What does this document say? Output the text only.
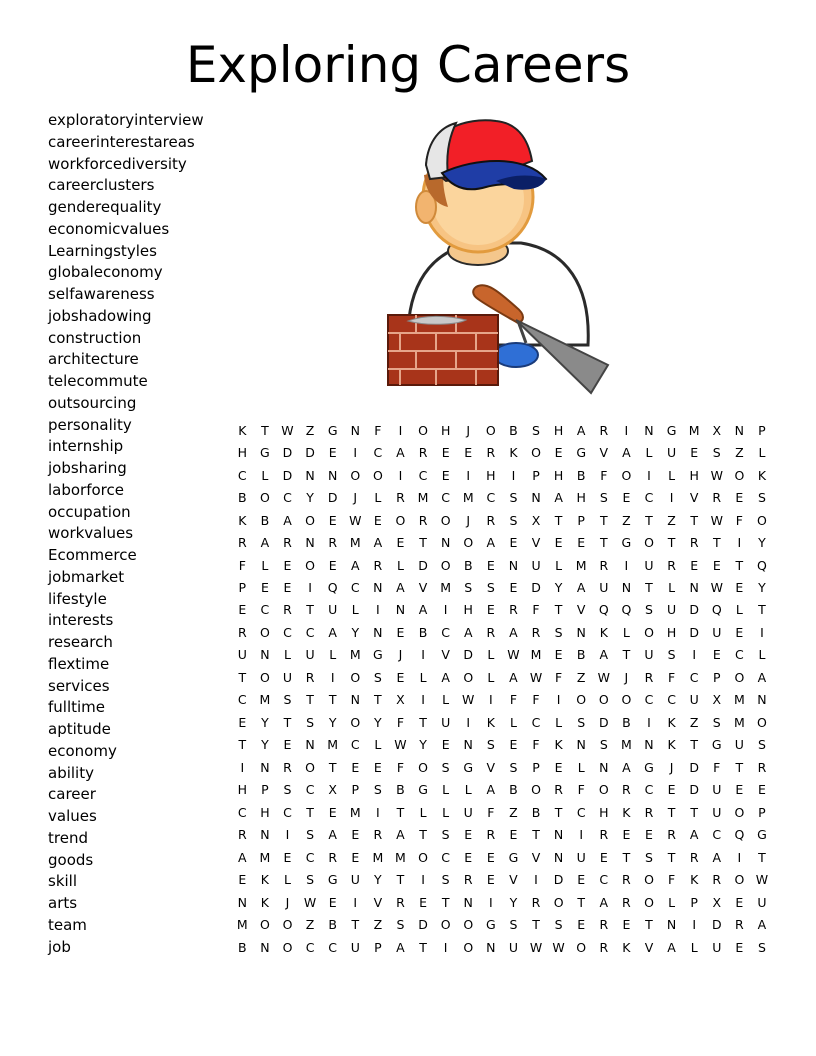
Exploring Careers
exploratoryinterview
careerinterestareas
workforcediversity
careerclusters
genderequality
economicvalues
Learningstyles
globaleconomy
selfawareness
jobshadowing
construction
architecture
telecommute
outsourcing
personality
internship
jobsharing
laborforce
occupation
workvalues
Ecommerce
jobmarket
lifestyle
interests
research
flextime
services
fulltime
aptitude
economy
ability
career
values
trend
goods
skill
arts
team
job
K	T	W	Z	G	N	F	I	O	H	J	O	B	S	H	A	R	I	N	G	M	X	N	P
H	G	D	D	E	I	C	A	R	E	E	R	K	O	E	G	V	A	L	U	E	S	Z	L
C	L	D	N	N	O	O	I	C	E	I	H	I	P	H	B	F	O	I	L	H	W	O	K
B	O	C	Y	D	J	L	R	M	C	M	C	S	N	A	H	S	E	C	I	V	R	E	S
K	B	A	O	E	W	E	O	R	O	J	R	S	X	T	P	T	Z	T	Z	T	W	F	O
R	A	R	N	R	M	A	E	T	N	O	A	E	V	E	E	T	G	O	T	R	T	I	Y
F	L	E	O	E	A	R	L	D	O	B	E	N	U	L	M	R	I	U	R	E	E	T	Q
P	E	E	I	Q	C	N	A	V	M	S	S	E	D	Y	A	U	N	T	L	N	W	E	Y
E	C	R	T	U	L	I	N	A	I	H	E	R	F	T	V	Q	Q	S	U	D	Q	L	T
R	O	C	C	A	Y	N	E	B	C	A	R	A	R	S	N	K	L	O	H	D	U	E	I
U	N	L	U	L	M	G	J	I	V	D	L	W	M	E	B	A	T	U	S	I	E	C	L
T	O	U	R	I	O	S	E	L	A	O	L	A	W	F	Z	W	J	R	F	C	P	O	A
C	M	S	T	T	N	T	X	I	L	W	I	F	F	I	O	O	O	C	C	U	X	M	N
E	Y	T	S	Y	O	Y	F	T	U	I	K	L	C	L	S	D	B	I	K	Z	S	M	O
T	Y	E	N	M	C	L	W	Y	E	N	S	E	F	K	N	S	M	N	K	T	G	U	S
I	N	R	O	T	E	E	F	O	S	G	V	S	P	E	L	N	A	G	J	D	F	T	R
H	P	S	C	X	P	S	B	G	L	L	A	B	O	R	F	O	R	C	E	D	U	E	E
C	H	C	T	E	M	I	T	L	L	U	F	Z	B	T	C	H	K	R	T	T	U	O	P
R	N	I	S	A	E	R	A	T	S	E	R	E	T	N	I	R	E	E	R	A	C	Q	G
A	M	E	C	R	E	M	M	O	C	E	E	G	V	N	U	E	T	S	T	R	A	I	T
E	K	L	S	G	U	Y	T	I	S	R	E	V	I	D	E	C	R	O	F	K	R	O	W
N	K	J	W	E	I	V	R	E	T	N	I	Y	R	O	T	A	R	O	L	P	X	E	U
M	O	O	Z	B	T	Z	S	D	O	O	G	S	T	S	E	R	E	T	N	I	D	R	A
B	N	O	C	C	U	P	A	T	I	O	N	U	W	W	O	R	K	V	A	L	U	E	S
